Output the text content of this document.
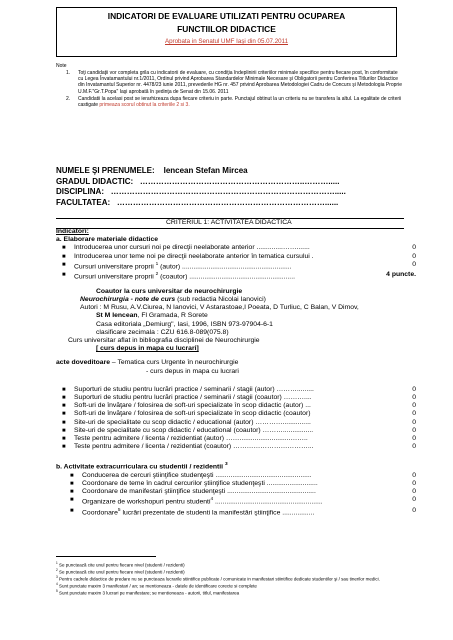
INDICATORI DE EVALUARE UTILIZATI PENTRU OCUPAREA
FUNCTIILOR DIDACTICE
Aprobata in Senatul UMF Iaşi din 05.07.2011
Note
1.	Toţi candidaţii vor completa grila cu indicatorii de evaluare, cu condiţia îndeplinirii criteriilor minimale specifice pentru fiecare post, în conformitate cu Legea Învatamantului nr.1/2011, Ordinul privind Aprobarea Standardelor Minimale Necesare şi Obligatorii pentru Conferirea Titlurilor Didactice din Invatamantul Superior nr. 4478/23 iunie 2011, prevederile HG nr. 457 privind Aprobarea Metodologiei Cadru de Concurs şi Metodologia Proprie U.M.F."Gr.T.Popa" Iaşi aprobată în şedinţa de Senat din 15.06. 2011
2.	Candidatii la acelasi post se ierarhizeaza dupa fiecare criteriu in parte. Punctajul obtinut la un criteriu nu se transfera la altul. La egalitate de criterii castigate primeaza scorul obtinut la criteriile 2 si 3.
NUMELE ŞI PRENUMELE: Iencean Stefan Mircea
GRADUL DIDACTIC: ……………………………………………………..……….....
DISCIPLINA: ………………………………………………………………………….....
FACULTATEA: ……………………………………………………………………......
CRITERIUL 1: ACTIVITATEA DIDACTICĂ
Indicatori:
a. Elaborare materiale didactice
■	Introducerea unor cursuri noi pe direcţii neelaborate anterior ..............…….......	0
■	Introducerea unor teme noi pe direcţii neelaborate anterior în tematica cursului .	0
■	Cursuri universitare proprii $^1$ (autor) ..........................................................	0
■	Cursuri universitare proprii $^2$ (coautor) ........................................................	4 puncte.
Coautor la curs universitar de neurochirurgie
Neurochirurgia - note de curs (sub redactia Nicolai Ianovici)
Autori : M Rusu, A.V.Ciurea, N Ianovici, V Astarastoae,I Poeata, D Turliuc, C Balan, V Dimov,
St M Iencean, Fl Gramada, R Sorete
Casa editoriala „Demiurg", Iasi, 1996, ISBN 973-97904-6-1
clasificare zecimala : CZU 616.8-089(075.8)
Curs universitar aflat in bibliografia disciplinei de Neurochirurgie
[ curs depus in mapa cu lucrari]
acte doveditoare – Tematica curs Urgente în neurochirurgie
- curs depus in mapa cu lucrari
■	Suporturi de studiu pentru lucrări practice / seminarii / stagii (autor) ……….........	0
■	Suporturi de studiu pentru lucrări practice / seminarii / stagii (coautor) ………....	0
■	Soft-uri de învăţare / folosirea de soft-uri specializate în scop didactic (autor) ...	0
■	Soft-uri de învăţare / folosirea de soft-uri specializate în scop didactic (coautor)	0
■	Site-uri de specialitate cu scop didactic / educational (autor) …………...............	0
■	Site-uri de specialitate cu scop didactic / educational (coautor) ………................	0
■	Teste pentru admitere / licenta / rezidentiat (autor) ……...........................……..	0
■	Teste pentru admitere / licenta / rezidentiat (coautor) ……………………………...	0
b. Activitate extracurriculara cu studentii / rezidentii $^3$
■	Conducerea de cercuri ştiinţifice studenţeşti ...................................................	0
■	Coordonare de teme în cadrul cercurilor ştiinţifice studenţeşti ...........................	0
■	Coordonare de manifestari ştiinţifice studenţeşti ...............................................	0
■	Organizare de workshopuri pentru studenti$^4$ .........................................................	0
■	Coordonare$^5$ lucrări prezentate de studenti la manifestări ştiinţifice .................	0
$^1$ Se punctează cite unul pentru fiecare nivel (studenti / rezidenti)
$^2$ Se punctează cite unul pentru fiecare nivel (studenti / rezidenti)
$^3$ Pentru cadrele didactice de predare nu se puncteaza lucrarile stiintifice publicate / comunicate in manifestari stiintifice dedicate studentilor şi / sau tinerilor medici.
$^4$ Sunt punctate maxim 3 manifestari / an; se mentioneaza - datele de identificare corecte si complete
$^5$ Sunt punctate maxim 3 lucrari pe manifestare; se mentioneaza - autorii, titlul, manifestarea
